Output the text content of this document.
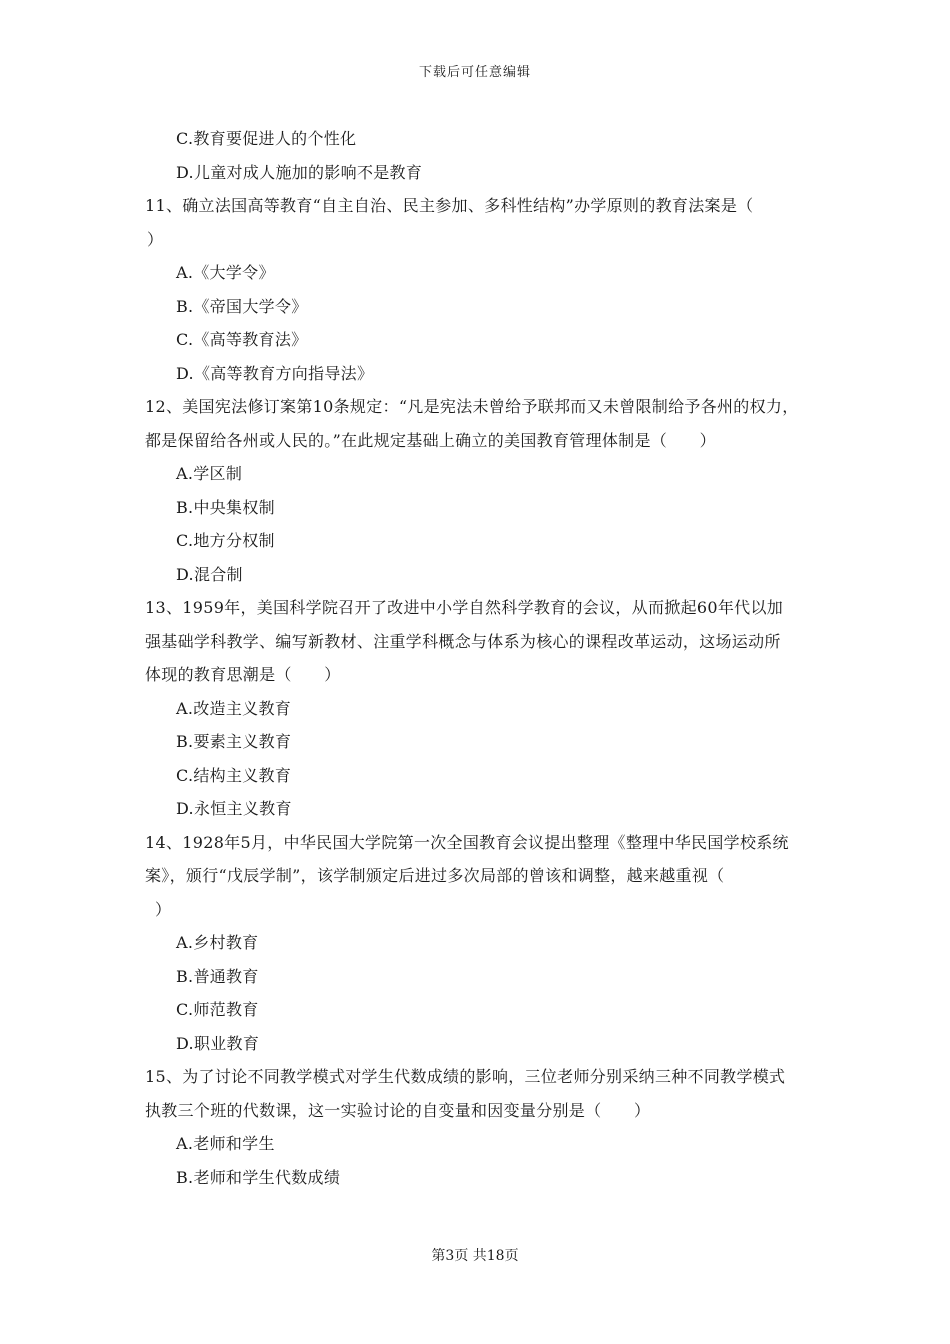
下载后可任意编辑
C.教育要促进人的个性化
D.儿童对成人施加的影响不是教育
11、确立法国高等教育“自主自治、民主参加、多科性结构”办学原则的教育法案是（
）
A.《大学令》
B.《帝国大学令》
C.《高等教育法》
D.《高等教育方向指导法》
12、美国宪法修订案第10条规定：“凡是宪法未曾给予联邦而又未曾限制给予各州的权力，
都是保留给各州或人民的。”在此规定基础上确立的美国教育管理体制是（　　）
A.学区制
B.中央集权制
C.地方分权制
D.混合制
13、1959年，美国科学院召开了改进中小学自然科学教育的会议，从而掀起60年代以加
强基础学科教学、编写新教材、注重学科概念与体系为核心的课程改革运动，这场运动所
体现的教育思潮是（　　）
A.改造主义教育
B.要素主义教育
C.结构主义教育
D.永恒主义教育
14、1928年5月，中华民国大学院第一次全国教育会议提出整理《整理中华民国学校系统
案》，颁行“戊辰学制”，该学制颁定后进过多次局部的曾该和调整，越来越重视（
）
A.乡村教育
B.普通教育
C.师范教育
D.职业教育
15、为了讨论不同教学模式对学生代数成绩的影响，三位老师分别采纳三种不同教学模式
执教三个班的代数课，这一实验讨论的自变量和因变量分别是（　　）
A.老师和学生
B.老师和学生代数成绩
第3页 共18页
